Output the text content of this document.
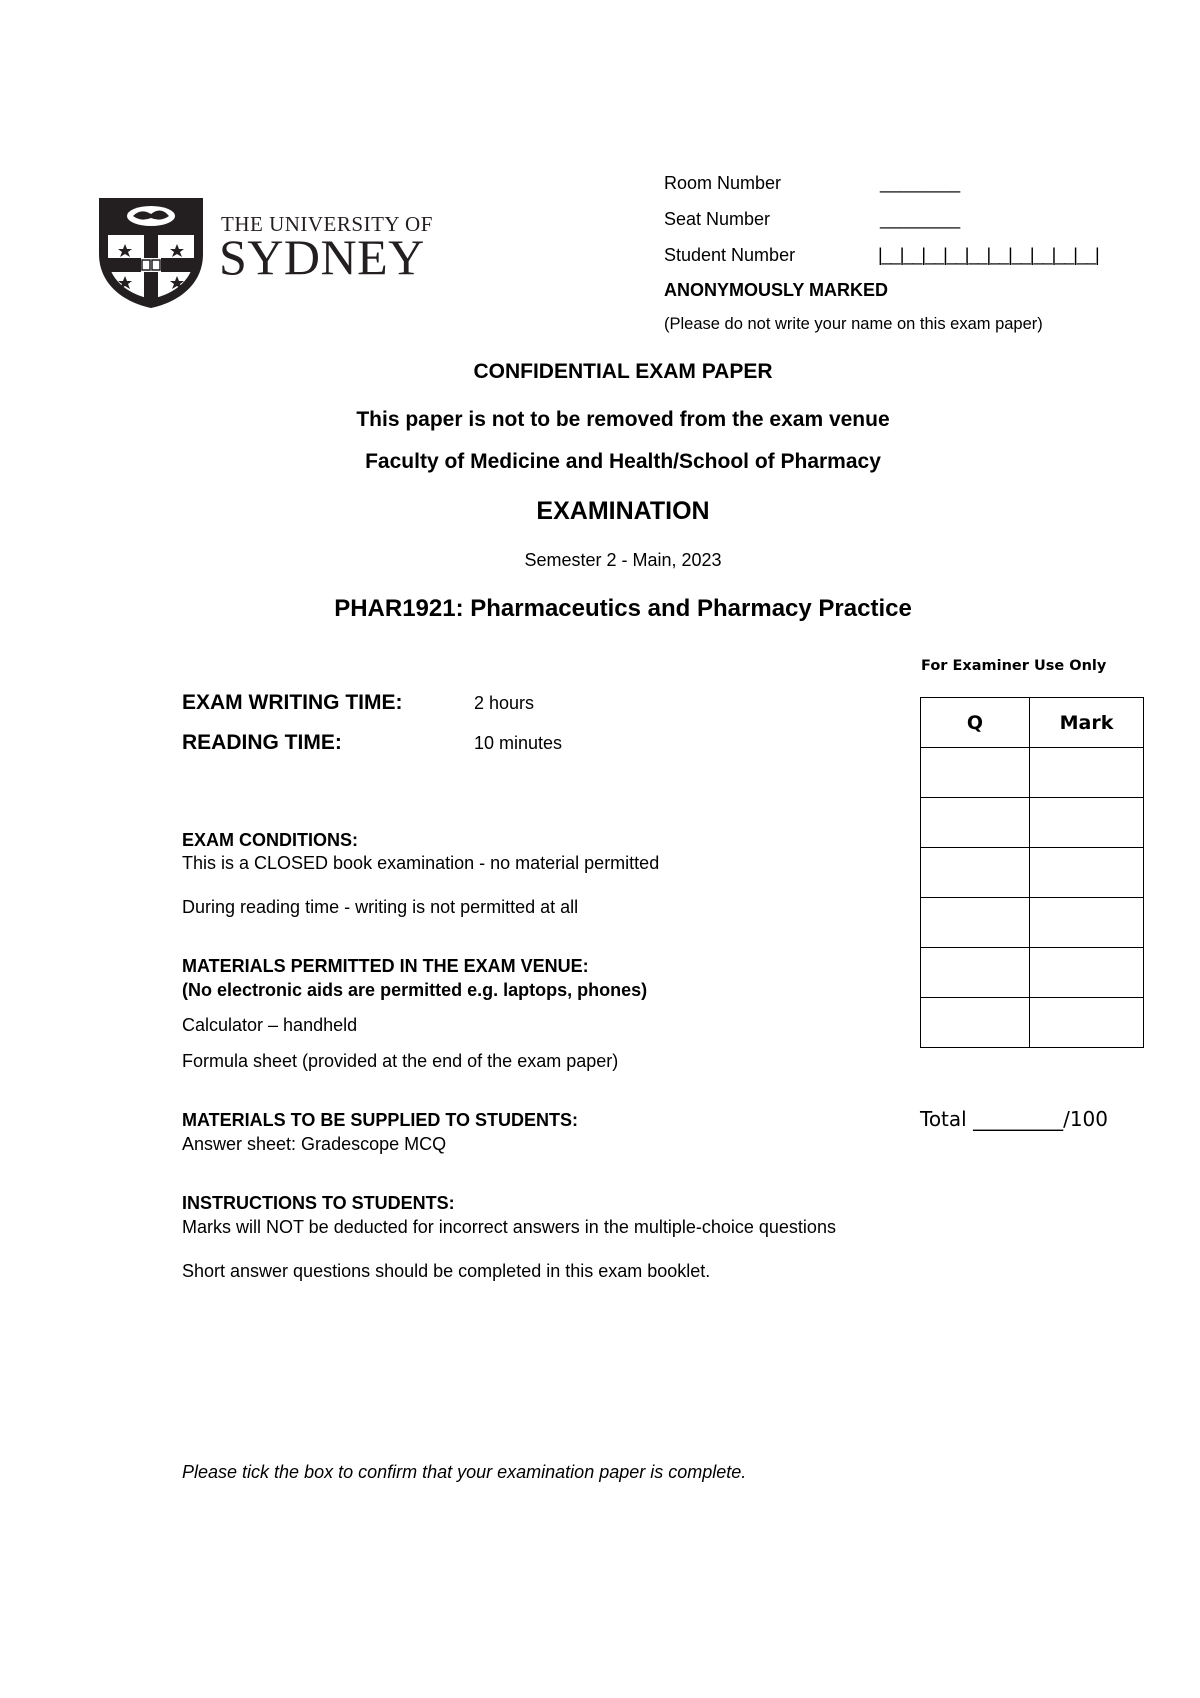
THE UNIVERSITY OF
SYDNEY
Room Number	________
Seat Number	________
Student Number	|__|__|__|__|__|__|__|__|__|__|
ANONYMOUSLY MARKED
(Please do not write your name on this exam paper)
CONFIDENTIAL EXAM PAPER
This paper is not to be removed from the exam venue
Faculty of Medicine and Health/School of Pharmacy
EXAMINATION
Semester 2 - Main, 2023
PHAR1921: Pharmaceutics and Pharmacy Practice
EXAM WRITING TIME:	2 hours
READING TIME:	10 minutes
EXAM CONDITIONS:
This is a CLOSED book examination - no material permitted
During reading time - writing is not permitted at all
MATERIALS PERMITTED IN THE EXAM VENUE:
(No electronic aids are permitted e.g. laptops, phones)
Calculator – handheld
Formula sheet (provided at the end of the exam paper)
MATERIALS TO BE SUPPLIED TO STUDENTS:
Answer sheet: Gradescope MCQ
INSTRUCTIONS TO STUDENTS:
Marks will NOT be deducted for incorrect answers in the multiple-choice questions
Short answer questions should be completed in this exam booklet.
For Examiner Use Only
Q	Mark

Total _________/100
Please tick the box to confirm that your examination paper is complete.
